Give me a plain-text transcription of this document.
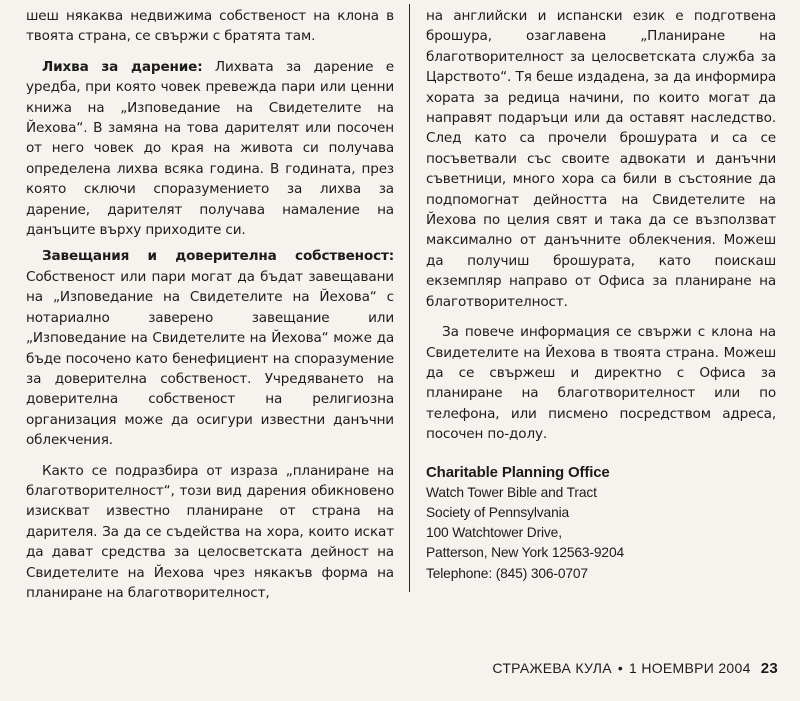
шеш някаква недвижима собственост на клона в твоята страна, се свържи с братята там.

Лихва за дарение: Лихвата за дарение е уредба, при която човек превежда пари или ценни книжа на „Изповедание на Свидетелите на Йехова“. В замяна на това дарителят или посочен от него човек до края на живота си получава определена лихва всяка година. В годината, през която сключи споразумението за лихва за дарение, дарителят получава намаление на данъците върху приходите си.

Завещания и доверителна собственост: Собственост или пари могат да бъдат завещавани на „Изповедание на Свидетелите на Йехова“ с нотариално заверено завещание или „Изповедание на Свидетелите на Йехова“ може да бъде посочено като бенефициент на споразумение за доверителна собственост. Учредяването на доверителна собственост на религиозна организация може да осигури известни данъчни облекчения.

Както се подразбира от израза „планиране на благотворителност“, този вид дарения обикновено изискват известно планиране от страна на дарителя. За да се съдейства на хора, които искат да дават средства за целосветската дейност на Свидетелите на Йехова чрез някакъв форма на планиране на благотворителност,

на английски и испански език е подготвена брошура, озаглавена „Планиране на благотворителност за целосветската служба за Царството“. Тя беше издадена, за да информира хората за редица начини, по които могат да направят подаръци или да оставят наследство. След като са прочели брошурата и са се посъветвали със своите адвокати и данъчни съветници, много хора са били в състояние да подпомогнат дейността на Свидетелите на Йехова по целия свят и така да се възползват максимално от данъчните облекчения. Можеш да получиш брошурата, като поискаш екземпляр направо от Офиса за планиране на благотворителност.

За повече информация се свържи с клона на Свидетелите на Йехова в твоята страна. Можеш да се свържеш и директно с Офиса за планиране на благотворителност или по телефона, или писмено посредством адреса, посочен по-долу.

Charitable Planning Office
Watch Tower Bible and Tract
Society of Pennsylvania
100 Watchtower Drive,
Patterson, New York 12563-9204
Telephone: (845) 306-0707
СТРАЖЕВА КУЛА • 1 НОЕМВРИ 2004 23
